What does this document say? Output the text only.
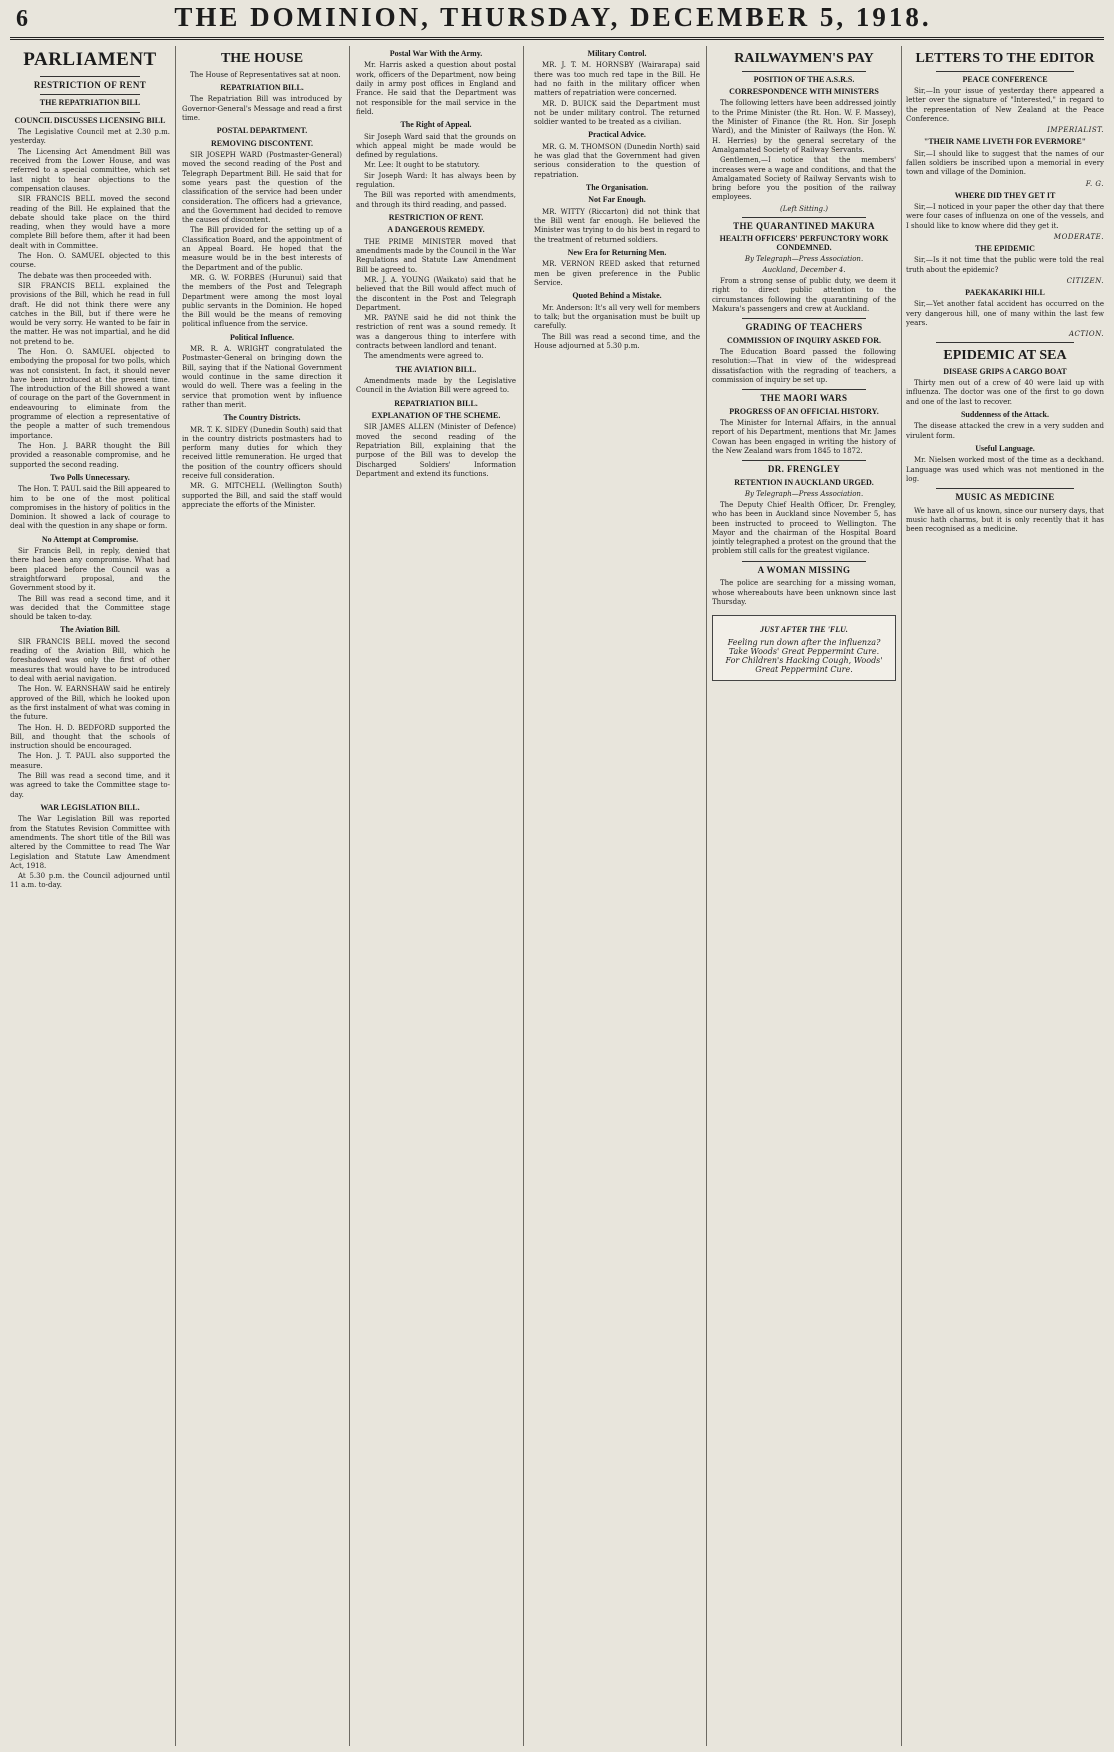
6	THE DOMINION, THURSDAY, DECEMBER 5, 1918.
PARLIAMENT
RESTRICTION OF RENT
THE REPATRIATION BILL
COUNCIL DISCUSSES LICENSING BILL

The Legislative Council met at 2.30 p.m. yesterday.

The Licensing Act Amendment Bill was received from the Lower House, and was referred to a special committee, which set last night to hear objections to the compensation clauses.

SIR FRANCIS BELL moved the second reading of the Bill. He explained that the debate should take place on the third reading, when they would have a more complete Bill before them, after it had been dealt with in Committee.

The Hon. O. SAMUEL objected to this course.

The debate was then proceeded with.

SIR FRANCIS BELL explained the provisions of the Bill, which he read in full draft. He did not think there were any catches in the Bill, but if there were he would be very sorry. He wanted to be fair in the matter. He was not impartial, and he did not pretend to be.

The Hon. O. SAMUEL objected to embodying the proposal for two polls, which was not consistent. In fact, it should never have been introduced at the present time. The introduction of the Bill showed a want of courage on the part of the Government in endeavouring to eliminate from the programme of election a representative of the people a matter of such tremendous importance.

The Hon. J. BARR thought the Bill provided a reasonable compromise, and he supported the second reading.

Two Polls Unnecessary.

The Hon. T. PAUL said the Bill appeared to him to be one of the most political compromises in the history of politics in the Dominion. It showed a lack of courage to deal with the question in any shape or form.

No Attempt at Compromise.

Sir Francis Bell, in reply, denied that there had been any compromise. What had been placed before the Council was a straightforward proposal, and the Government stood by it.

The Bill was read a second time, and it was decided that the Committee stage should be taken to-day.

The Aviation Bill.

SIR FRANCIS BELL moved the second reading of the Aviation Bill, which he foreshadowed was only the first of other measures that would have to be introduced to deal with aerial navigation.

The Hon. W. EARNSHAW said he entirely approved of the Bill, which he looked upon as the first instalment of what was coming in the future.

The Hon. H. D. BEDFORD supported the Bill, and thought that the schools of instruction should be encouraged.

The Hon. J. T. PAUL also supported the measure.

The Bill was read a second time, and it was agreed to take the Committee stage to-day.

WAR LEGISLATION BILL.

The War Legislation Bill was reported from the Statutes Revision Committee with amendments. The short title of the Bill was altered by the Committee to read The War Legislation and Statute Law Amendment Act, 1918.

At 5.30 p.m. the Council adjourned until 11 a.m. to-day.

THE HOUSE

The House of Representatives sat at noon.

REPATRIATION BILL.

The Repatriation Bill was introduced by Governor-General's Message and read a first time.

POSTAL DEPARTMENT.
REMOVING DISCONTENT.

SIR JOSEPH WARD (Postmaster-General) moved the second reading of the Post and Telegraph Department Bill. He said that for some years past the question of the classification of the service had been under consideration. The officers had a grievance, and the Government had decided to remove the causes of discontent.

The Bill provided for the setting up of a Classification Board, and the appointment of an Appeal Board. He hoped that the measure would be in the best interests of the Department and of the public.

MR. G. W. FORBES (Hurunui) said that the members of the Post and Telegraph Department were among the most loyal public servants in the Dominion. He hoped the Bill would be the means of removing political influence from the service.

Political Influence.

MR. R. A. WRIGHT congratulated the Postmaster-General on bringing down the Bill, saying that if the National Government would continue in the same direction it would do well. There was a feeling in the service that promotion went by influence rather than merit.

The Country Districts.

MR. T. K. SIDEY (Dunedin South) said that in the country districts postmasters had to perform many duties for which they received little remuneration. He urged that the position of the country officers should receive full consideration.

MR. G. MITCHELL (Wellington South) supported the Bill, and said the staff would appreciate the efforts of the Minister.

Postal War With the Army.

Mr. Harris asked a question about postal work, officers of the Department, now being daily in army post offices in England and France. He said that the Department was not responsible for the mail service in the field.

The Right of Appeal.

Sir Joseph Ward said that the grounds on which appeal might be made would be defined by regulations.

Mr. Lee: It ought to be statutory.

Sir Joseph Ward: It has always been by regulation.

The Bill was reported with amendments, and through its third reading, and passed.

RESTRICTION OF RENT.
A DANGEROUS REMEDY.

THE PRIME MINISTER moved that amendments made by the Council in the War Regulations and Statute Law Amendment Bill be agreed to.

MR. J. A. YOUNG (Waikato) said that he believed that the Bill would affect much of the discontent in the Post and Telegraph Department.

MR. PAYNE said he did not think the restriction of rent was a sound remedy. It was a dangerous thing to interfere with contracts between landlord and tenant.

The amendments were agreed to.

THE AVIATION BILL.

Amendments made by the Legislative Council in the Aviation Bill were agreed to.

REPATRIATION BILL.
EXPLANATION OF THE SCHEME.

SIR JAMES ALLEN (Minister of Defence) moved the second reading of the Repatriation Bill, explaining that the purpose of the Bill was to develop the Discharged Soldiers' Information Department and extend its functions.

Military Control.

MR. J. T. M. HORNSBY (Wairarapa) said there was too much red tape in the Bill. He had no faith in the military officer when matters of repatriation were concerned.

MR. D. BUICK said the Department must not be under military control. The returned soldier wanted to be treated as a civilian.

Practical Advice.

MR. G. M. THOMSON (Dunedin North) said he was glad that the Government had given serious consideration to the question of repatriation.

The Organisation.
Not Far Enough.

MR. WITTY (Riccarton) did not think that the Bill went far enough. He believed the Minister was trying to do his best in regard to the treatment of returned soldiers.

New Era for Returning Men.

MR. VERNON REED asked that returned men be given preference in the Public Service.

Quoted Behind a Mistake.

Mr. Anderson: It's all very well for members to talk; but the organisation must be built up carefully.

The Bill was read a second time, and the House adjourned at 5.30 p.m.

RAILWAYMEN'S PAY
POSITION OF THE A.S.R.S.
CORRESPONDENCE WITH MINISTERS

The following letters have been addressed jointly to the Prime Minister (the Rt. Hon. W. F. Massey), the Minister of Finance (the Rt. Hon. Sir Joseph Ward), and the Minister of Railways (the Hon. W. H. Herries) by the general secretary of the Amalgamated Society of Railway Servants.

Gentlemen,—I notice that the members' increases were a wage and conditions, and that the Amalgamated Society of Railway Servants wish to bring before you the position of the railway employees.

(Left Sitting.)
THE QUARANTINED MAKURA
HEALTH OFFICERS' PERFUNCTORY WORK CONDEMNED.
By Telegraph—Press Association.
Auckland, December 4.

From a strong sense of public duty, we deem it right to direct public attention to the circumstances following the quarantining of the Makura's passengers and crew at Auckland.

GRADING OF TEACHERS
COMMISSION OF INQUIRY ASKED FOR.

The Education Board passed the following resolution:—That in view of the widespread dissatisfaction with the regrading of teachers, a commission of inquiry be set up.

THE MAORI WARS
PROGRESS OF AN OFFICIAL HISTORY.

The Minister for Internal Affairs, in the annual report of his Department, mentions that Mr. James Cowan has been engaged in writing the history of the New Zealand wars from 1845 to 1872.

DR. FRENGLEY
RETENTION IN AUCKLAND URGED.
By Telegraph—Press Association.

The Deputy Chief Health Officer, Dr. Frengley, who has been in Auckland since November 5, has been instructed to proceed to Wellington. The Mayor and the chairman of the Hospital Board jointly telegraphed a protest on the ground that the problem still calls for the greatest vigilance.

A WOMAN MISSING

The police are searching for a missing woman, whose whereabouts have been unknown since last Thursday.

JUST AFTER THE 'FLU.
Feeling run down after the influenza? Take Woods' Great Peppermint Cure.
For Children's Hacking Cough, Woods' Great Peppermint Cure.
LETTERS TO THE EDITOR
PEACE CONFERENCE

Sir,—In your issue of yesterday there appeared a letter over the signature of "Interested," in regard to the representation of New Zealand at the Peace Conference.

IMPERIALIST.
"THEIR NAME LIVETH FOR EVERMORE"

Sir,—I should like to suggest that the names of our fallen soldiers be inscribed upon a memorial in every town and village of the Dominion.

F. G.
WHERE DID THEY GET IT

Sir,—I noticed in your paper the other day that there were four cases of influenza on one of the vessels, and I should like to know where did they get it.

MODERATE.
THE EPIDEMIC

Sir,—Is it not time that the public were told the real truth about the epidemic?

CITIZEN.
PAEKAKARIKI HILL

Sir,—Yet another fatal accident has occurred on the very dangerous hill, one of many within the last few years.

ACTION.
EPIDEMIC AT SEA
DISEASE GRIPS A CARGO BOAT

Thirty men out of a crew of 40 were laid up with influenza. The doctor was one of the first to go down and one of the last to recover.

Suddenness of the Attack.

The disease attacked the crew in a very sudden and virulent form.

Useful Language.

Mr. Nielsen worked most of the time as a deckhand. Language was used which was not mentioned in the log.

MUSIC AS MEDICINE

We have all of us known, since our nursery days, that music hath charms, but it is only recently that it has been recognised as a medicine.
